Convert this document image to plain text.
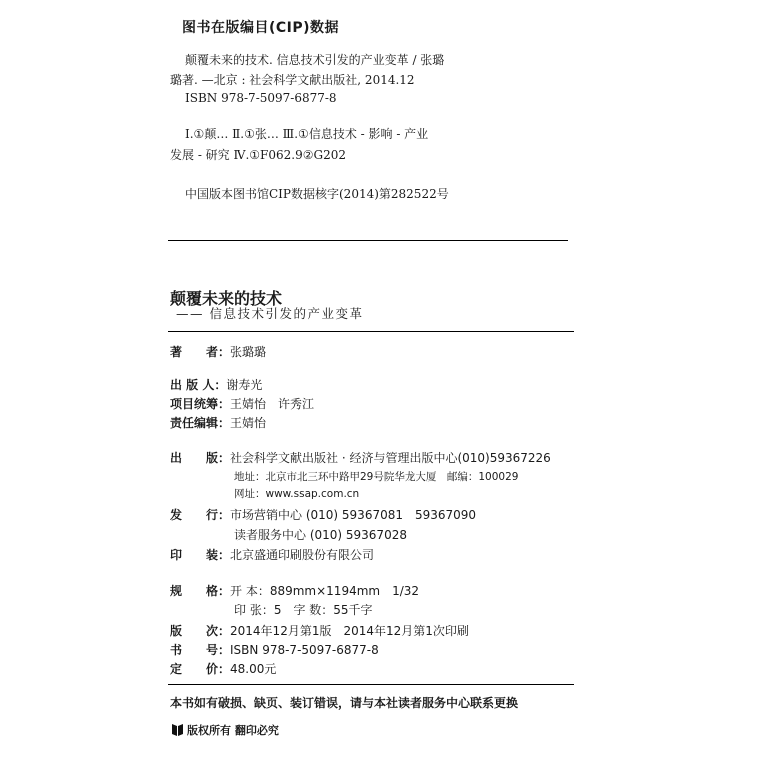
图书在版编目(CIP)数据
颠覆未来的技术. 信息技术引发的产业变革 / 张璐
璐著. —北京 : 社会科学文献出版社, 2014.12
ISBN 978-7-5097-6877-8
Ⅰ.①颠… Ⅱ.①张… Ⅲ.①信息技术 - 影响 - 产业
发展 - 研究 Ⅳ.①F062.9②G202
中国版本图书馆CIP数据核字(2014)第282522号
颠覆未来的技术
—— 信息技术引发的产业变革
著　　者：张璐璐
出 版 人：谢寿光
项目统筹：王婧怡　许秀江
责任编辑：王婧怡
出　　版：社会科学文献出版社 · 经济与管理出版中心(010)59367226
地址：北京市北三环中路甲29号院华龙大厦　邮编：100029
网址：www.ssap.com.cn
发　　行：市场营销中心 (010) 59367081　59367090
读者服务中心 (010) 59367028
印　　装：北京盛通印刷股份有限公司
规　　格：开 本：889mm×1194mm　1/32
印 张：5　字 数：55千字
版　　次：2014年12月第1版　2014年12月第1次印刷
书　　号：ISBN 978-7-5097-6877-8
定　　价：48.00元
本书如有破损、缺页、装订错误，请与本社读者服务中心联系更换
版权所有 翻印必究
